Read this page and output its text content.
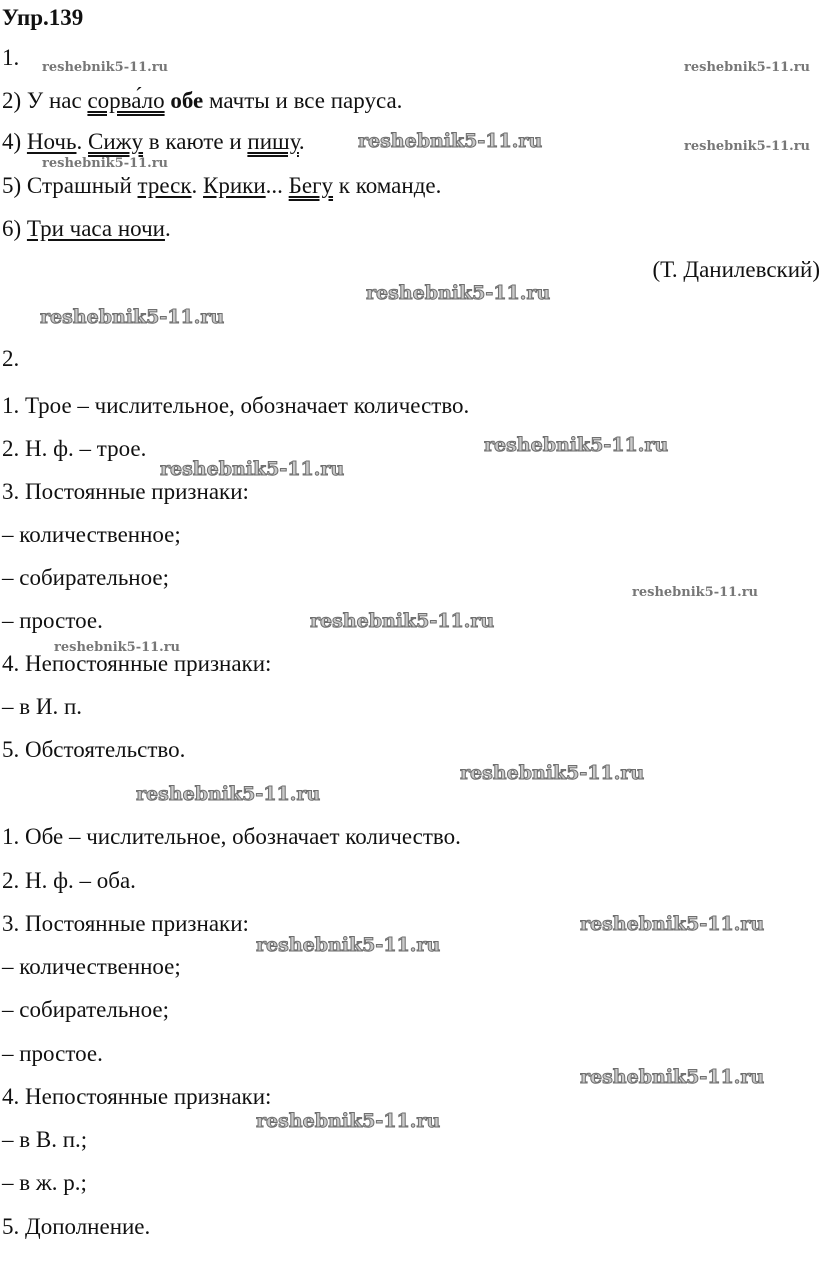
Упр.139
1.
2) У нас сорва́ло обе мачты и все паруса.
4) Ночь. Сижу в каюте и пишу.
5) Страшный треск. Крики... Бегу к команде.
6) Три часа ночи.
(Т. Данилевский)
2.
1. Трое – числительное, обозначает количество.
2. Н. ф. – трое.
3. Постоянные признаки:
– количественное;
– собирательное;
– простое.
4. Непостоянные признаки:
– в И. п.
5. Обстоятельство.
1. Обе – числительное, обозначает количество.
2. Н. ф. – оба.
3. Постоянные признаки:
– количественное;
– собирательное;
– простое.
4. Непостоянные признаки:
– в В. п.;
– в ж. р.;
5. Дополнение.
reshebnik5-11.ru	reshebnik5-11.ru
reshebnik5-11.ru	reshebnik5-11.ru
reshebnik5-11.ru
reshebnik5-11.ru
reshebnik5-11.ru
reshebnik5-11.ru
reshebnik5-11.ru
reshebnik5-11.ru
reshebnik5-11.ru
reshebnik5-11.ru
reshebnik5-11.ru
reshebnik5-11.ru
reshebnik5-11.ru
reshebnik5-11.ru
reshebnik5-11.ru
reshebnik5-11.ru
